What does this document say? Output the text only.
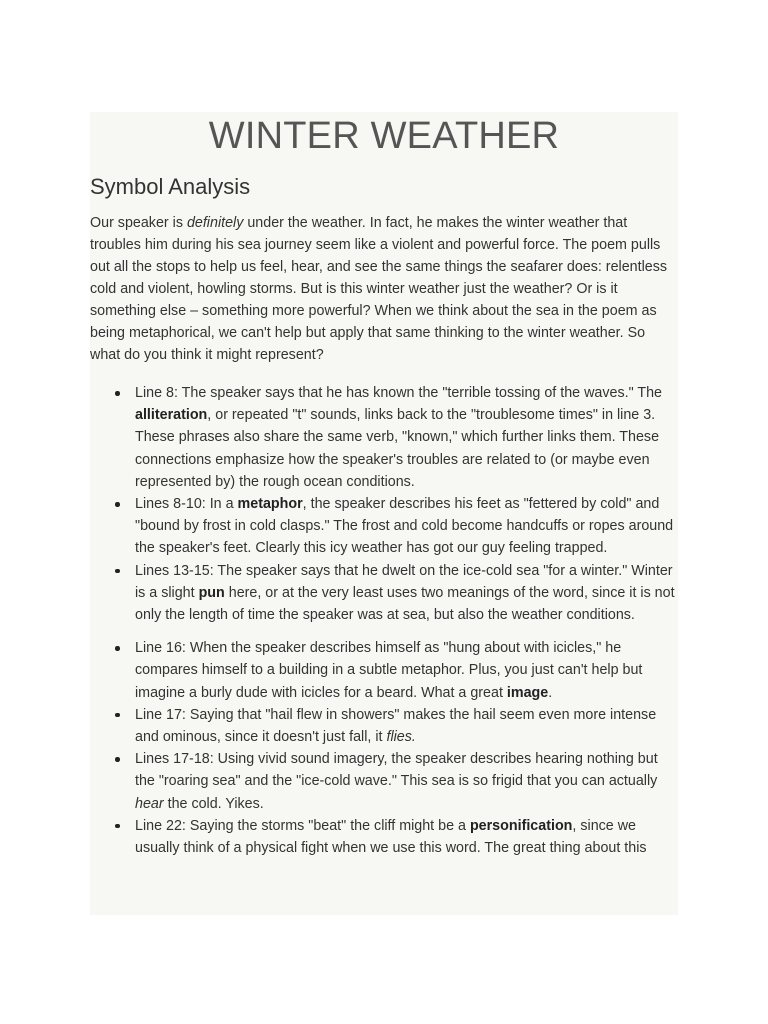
WINTER WEATHER
Symbol Analysis

Our speaker is definitely under the weather. In fact, he makes the winter weather that troubles him during his sea journey seem like a violent and powerful force. The poem pulls out all the stops to help us feel, hear, and see the same things the seafarer does: relentless cold and violent, howling storms. But is this winter weather just the weather? Or is it something else – something more powerful? When we think about the sea in the poem as being metaphorical, we can't help but apply that same thinking to the winter weather. So what do you think it might represent?

Line 8: The speaker says that he has known the "terrible tossing of the waves." The alliteration, or repeated "t" sounds, links back to the "troublesome times" in line 3. These phrases also share the same verb, "known," which further links them. These connections emphasize how the speaker's troubles are related to (or maybe even represented by) the rough ocean conditions.
Lines 8-10: In a metaphor, the speaker describes his feet as "fettered by cold" and "bound by frost in cold clasps." The frost and cold become handcuffs or ropes around the speaker's feet. Clearly this icy weather has got our guy feeling trapped.
Lines 13-15: The speaker says that he dwelt on the ice-cold sea "for a winter." Winter is a slight pun here, or at the very least uses two meanings of the word, since it is not only the length of time the speaker was at sea, but also the weather conditions.
Line 16: When the speaker describes himself as "hung about with icicles," he compares himself to a building in a subtle metaphor. Plus, you just can't help but imagine a burly dude with icicles for a beard. What a great image.
Line 17: Saying that "hail flew in showers" makes the hail seem even more intense and ominous, since it doesn't just fall, it flies.
Lines 17-18: Using vivid sound imagery, the speaker describes hearing nothing but the "roaring sea" and the "ice-cold wave." This sea is so frigid that you can actually hear the cold. Yikes.
Line 22: Saying the storms "beat" the cliff might be a personification, since we usually think of a physical fight when we use this word. The great thing about this
